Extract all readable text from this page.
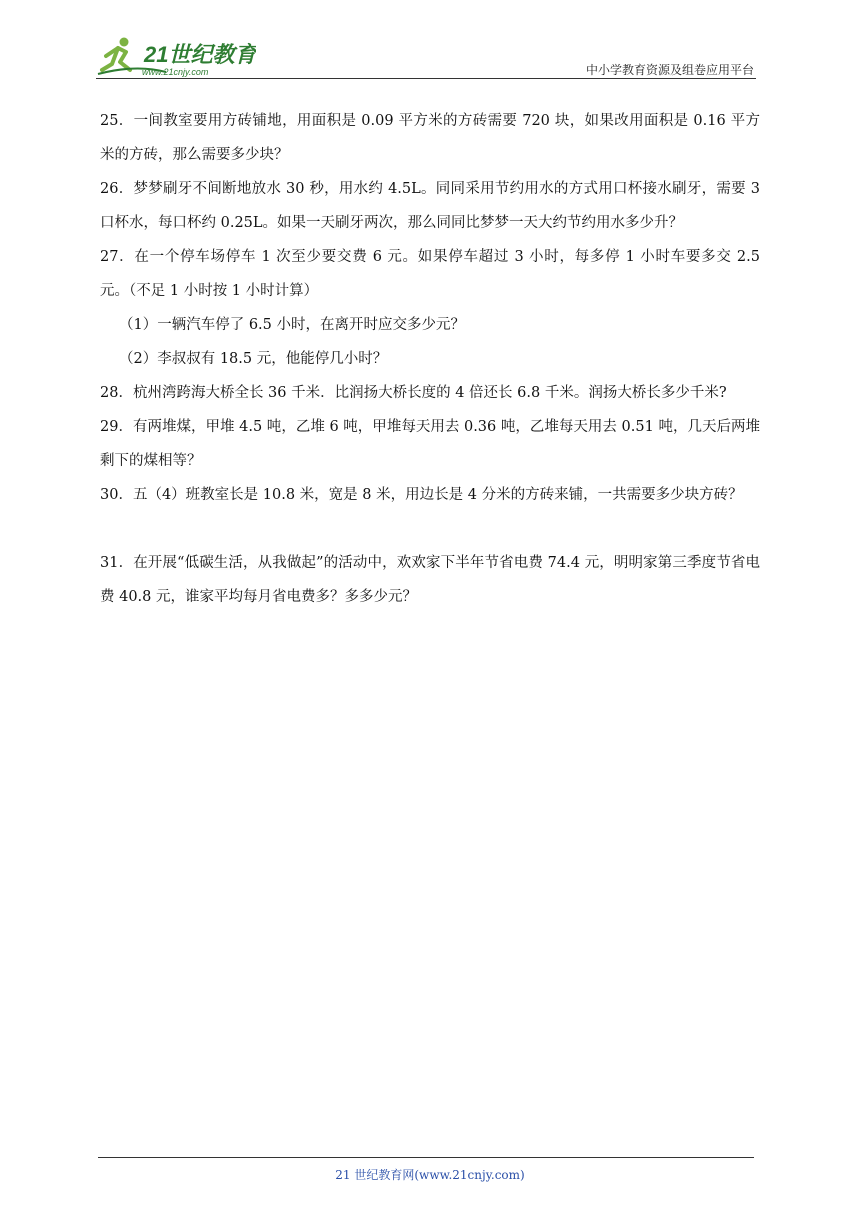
21世纪教育
www.21cnjy.com	中小学教育资源及组卷应用平台

25．一间教室要用方砖铺地，用面积是 0.09 平方米的方砖需要 720 块，如果改用面积是 0.16 平方米的方砖，那么需要多少块？

26．梦梦刷牙不间断地放水 30 秒，用水约 4.5L。同同采用节约用水的方式用口杯接水刷牙，需要 3 口杯水，每口杯约 0.25L。如果一天刷牙两次，那么同同比梦梦一天大约节约用水多少升？

27．在一个停车场停车 1 次至少要交费 6 元。如果停车超过 3 小时，每多停 1 小时车要多交 2.5 元。（不足 1 小时按 1 小时计算）

（1）一辆汽车停了 6.5 小时，在离开时应交多少元？

（2）李叔叔有 18.5 元，他能停几小时？

28．杭州湾跨海大桥全长 36 千米．比润扬大桥长度的 4 倍还长 6.8 千米。润扬大桥长多少千米?

29．有两堆煤，甲堆 4.5 吨，乙堆 6 吨，甲堆每天用去 0.36 吨，乙堆每天用去 0.51 吨，几天后两堆剩下的煤相等？

30．五（4）班教室长是 10.8 米，宽是 8 米，用边长是 4 分米的方砖来铺，一共需要多少块方砖？

31．在开展“低碳生活，从我做起”的活动中，欢欢家下半年节省电费 74.4 元，明明家第三季度节省电费 40.8 元，谁家平均每月省电费多？多多少元？

21 世纪教育网(www.21cnjy.com)
